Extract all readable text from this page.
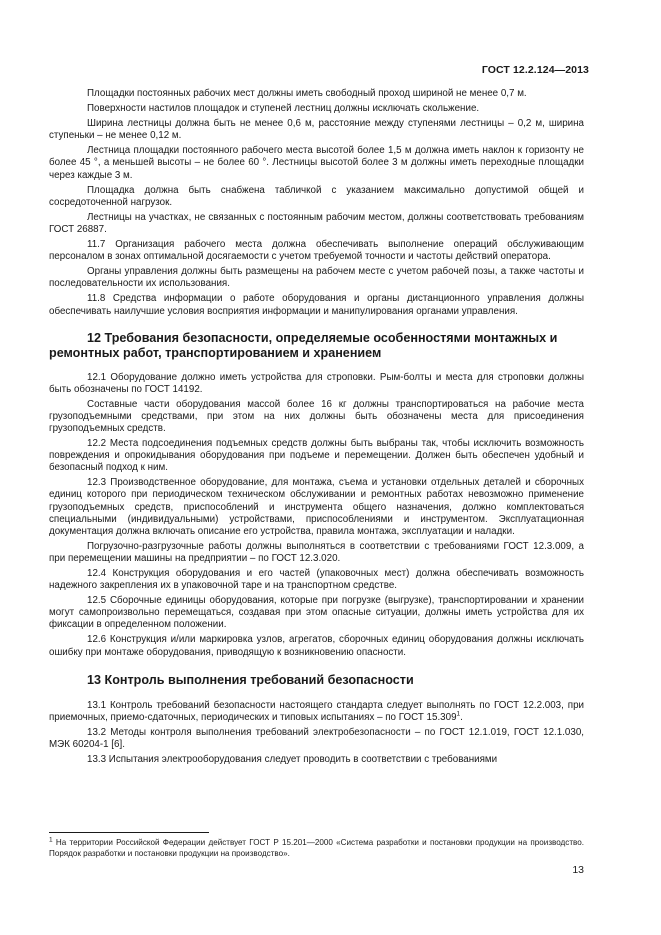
ГОСТ 12.2.124—2013

Площадки постоянных рабочих мест должны иметь свободный проход шириной не менее 0,7 м.

Поверхности настилов площадок и ступеней лестниц должны исключать скольжение.

Ширина лестницы должна быть не менее 0,6 м, расстояние между ступенями лестницы – 0,2 м, ширина ступеньки – не менее 0,12 м.

Лестница площадки постоянного рабочего места высотой более 1,5 м должна иметь наклон к горизонту не более 45 °, а меньшей высоты – не более 60 °. Лестницы высотой более 3 м должны иметь переходные площадки через каждые 3 м.

Площадка должна быть снабжена табличкой с указанием максимально допустимой общей и сосредоточенной нагрузок.

Лестницы на участках, не связанных с постоянным рабочим местом, должны соответствовать требованиям ГОСТ 26887.

11.7 Организация рабочего места должна обеспечивать выполнение операций обслуживающим персоналом в зонах оптимальной досягаемости с учетом требуемой точности и частоты действий оператора.

Органы управления должны быть размещены на рабочем месте с учетом рабочей позы, а также частоты и последовательности их использования.

11.8 Средства информации о работе оборудования и органы дистанционного управления должны обеспечивать наилучшие условия восприятия информации и манипулирования органами управления.

12 Требования безопасности, определяемые особенностями монтажных и ремонтных работ, транспортированием и хранением

12.1 Оборудование должно иметь устройства для строповки. Рым-болты и места для строповки должны быть обозначены по ГОСТ 14192.

Составные части оборудования массой более 16 кг должны транспортироваться на рабочие места грузоподъемными средствами, при этом на них должны быть обозначены места для присоединения грузоподъемных средств.

12.2 Места подсоединения подъемных средств должны быть выбраны так, чтобы исключить возможность повреждения и опрокидывания оборудования при подъеме и перемещении. Должен быть обеспечен удобный и безопасный подход к ним.

12.3 Производственное оборудование, для монтажа, съема и установки отдельных деталей и сборочных единиц которого при периодическом техническом обслуживании и ремонтных работах невозможно применение грузоподъемных средств, приспособлений и инструмента общего назначения, должно комплектоваться специальными (индивидуальными) устройствами, приспособлениями и инструментом. Эксплуатационная документация должна включать описание его устройства, правила монтажа, эксплуатации и наладки.

Погрузочно-разгрузочные работы должны выполняться в соответствии с требованиями ГОСТ 12.3.009, а при перемещении машины на предприятии – по ГОСТ 12.3.020.

12.4 Конструкция оборудования и его частей (упаковочных мест) должна обеспечивать возможность надежного закрепления их в упаковочной таре и на транспортном средстве.

12.5 Сборочные единицы оборудования, которые при погрузке (выгрузке), транспортировании и хранении могут самопроизвольно перемещаться, создавая при этом опасные ситуации, должны иметь устройства для их фиксации в определенном положении.

12.6 Конструкция и/или маркировка узлов, агрегатов, сборочных единиц оборудования должны исключать ошибку при монтаже оборудования, приводящую к возникновению опасности.

13 Контроль выполнения требований безопасности

13.1 Контроль требований безопасности настоящего стандарта следует выполнять по ГОСТ 12.2.003, при приемочных, приемо-сдаточных, периодических и типовых испытаниях – по ГОСТ 15.309$^1$.

13.2 Методы контроля выполнения требований электробезопасности – по ГОСТ 12.1.019, ГОСТ 12.1.030, МЭК 60204-1 [6].

13.3 Испытания электрооборудования следует проводить в соответствии с требованиями

$^1$ На территории Российской Федерации действует ГОСТ Р 15.201—2000 «Система разработки и постановки продукции на производство. Порядок разработки и постановки продукции на производство».
13
